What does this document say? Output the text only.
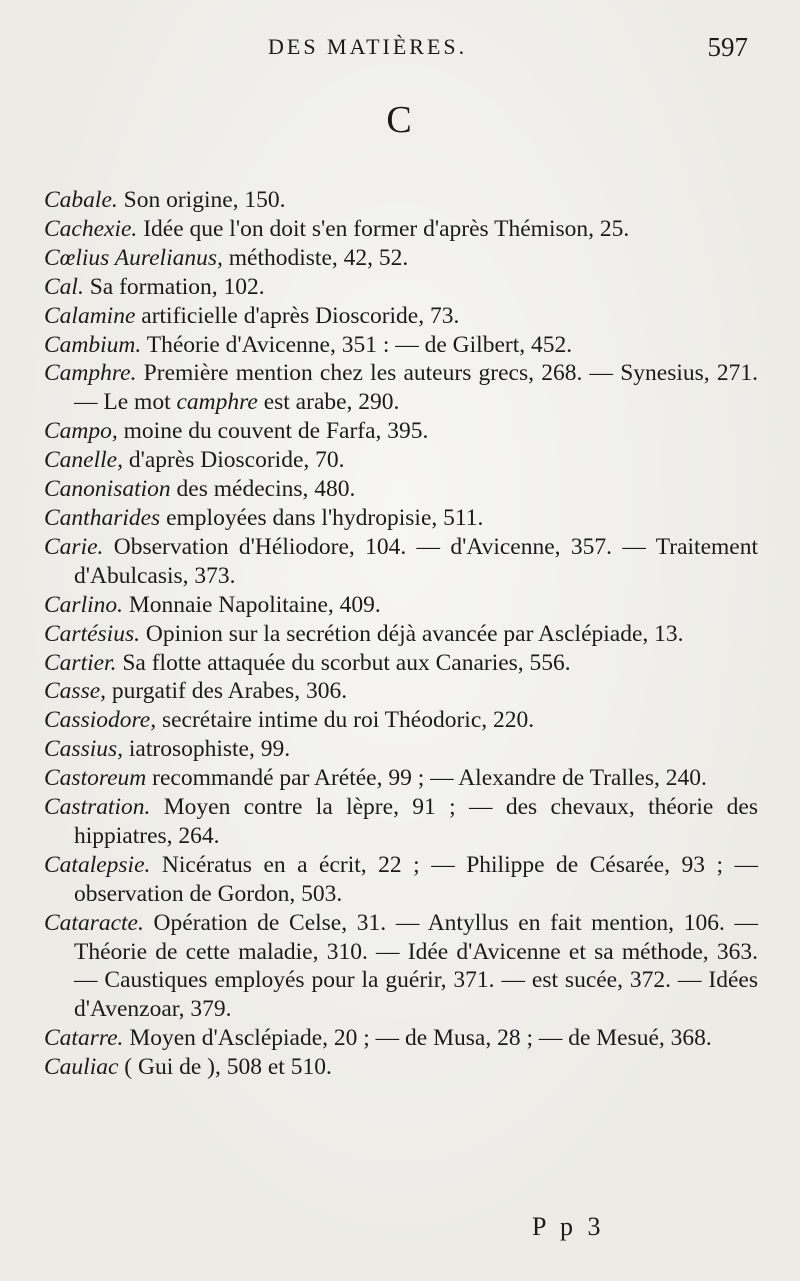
DES MATIÈRES.	597
C
Cabale. Son origine, 150.
Cachexie. Idée que l'on doit s'en former d'après Thémison, 25.
Cœlius Aurelianus, méthodiste, 42, 52.
Cal. Sa formation, 102.
Calamine artificielle d'après Dioscoride, 73.
Cambium. Théorie d'Avicenne, 351 : — de Gilbert, 452.
Camphre. Première mention chez les auteurs grecs, 268. — Synesius, 271. — Le mot camphre est arabe, 290.
Campo, moine du couvent de Farfa, 395.
Canelle, d'après Dioscoride, 70.
Canonisation des médecins, 480.
Cantharides employées dans l'hydropisie, 511.
Carie. Observation d'Héliodore, 104. — d'Avicenne, 357. — Traitement d'Abulcasis, 373.
Carlino. Monnaie Napolitaine, 409.
Cartésius. Opinion sur la secrétion déjà avancée par Asclépiade, 13.
Cartier. Sa flotte attaquée du scorbut aux Canaries, 556.
Casse, purgatif des Arabes, 306.
Cassiodore, secrétaire intime du roi Théodoric, 220.
Cassius, iatrosophiste, 99.
Castoreum recommandé par Arétée, 99 ; — Alexandre de Tralles, 240.
Castration. Moyen contre la lèpre, 91 ; — des chevaux, théorie des hippiatres, 264.
Catalepsie. Nicératus en a écrit, 22 ; — Philippe de Césarée, 93 ; — observation de Gordon, 503.
Cataracte. Opération de Celse, 31. — Antyllus en fait mention, 106. — Théorie de cette maladie, 310. — Idée d'Avicenne et sa méthode, 363. — Caustiques employés pour la guérir, 371. — est sucée, 372. — Idées d'Avenzoar, 379.
Catarre. Moyen d'Asclépiade, 20 ; — de Musa, 28 ; — de Mesué, 368.
Cauliac ( Gui de ), 508 et 510.
P p 3
